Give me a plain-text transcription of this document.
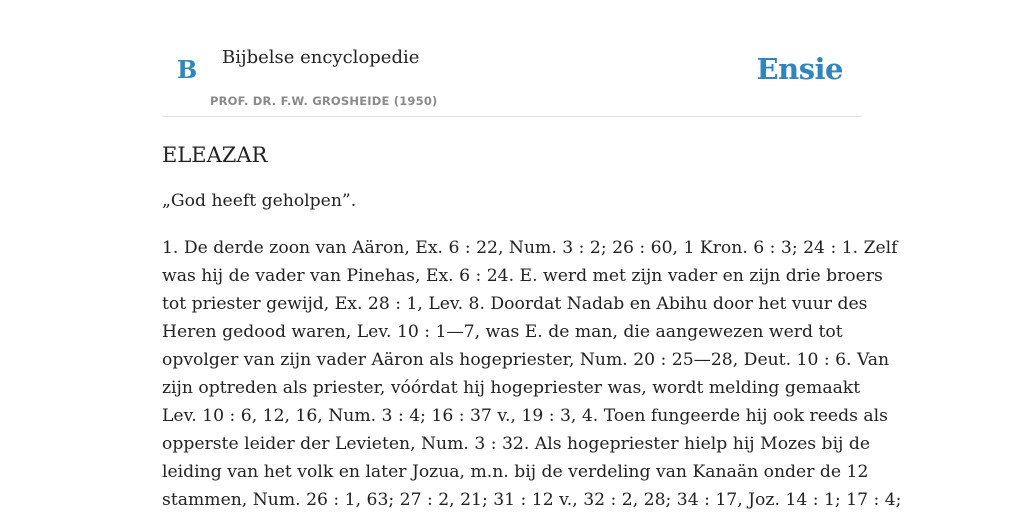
B Bijbelse encyclopedie
PROF. DR. F.W. GROSHEIDE (1950)
Ensie
ELEAZAR

„God heeft geholpen”.

1. De derde zoon van Aäron, Ex. 6 : 22, Num. 3 : 2; 26 : 60, 1 Kron. 6 : 3; 24 : 1. Zelf
was hij de vader van Pinehas, Ex. 6 : 24. E. werd met zijn vader en zijn drie broers
tot priester gewijd, Ex. 28 : 1, Lev. 8. Doordat Nadab en Abihu door het vuur des
Heren gedood waren, Lev. 10 : 1—7, was E. de man, die aangewezen werd tot
opvolger van zijn vader Aäron als hogepriester, Num. 20 : 25—28, Deut. 10 : 6. Van
zijn optreden als priester, vóórdat hij hogepriester was, wordt melding gemaakt
Lev. 10 : 6, 12, 16, Num. 3 : 4; 16 : 37 v., 19 : 3, 4. Toen fungeerde hij ook reeds als
opperste leider der Levieten, Num. 3 : 32. Als hogepriester hielp hij Mozes bij de
leiding van het volk en later Jozua, m.n. bij de verdeling van Kanaän onder de 12
stammen, Num. 26 : 1, 63; 27 : 2, 21; 31 : 12 v., 32 : 2, 28; 34 : 17, Joz. 14 : 1; 17 : 4;
